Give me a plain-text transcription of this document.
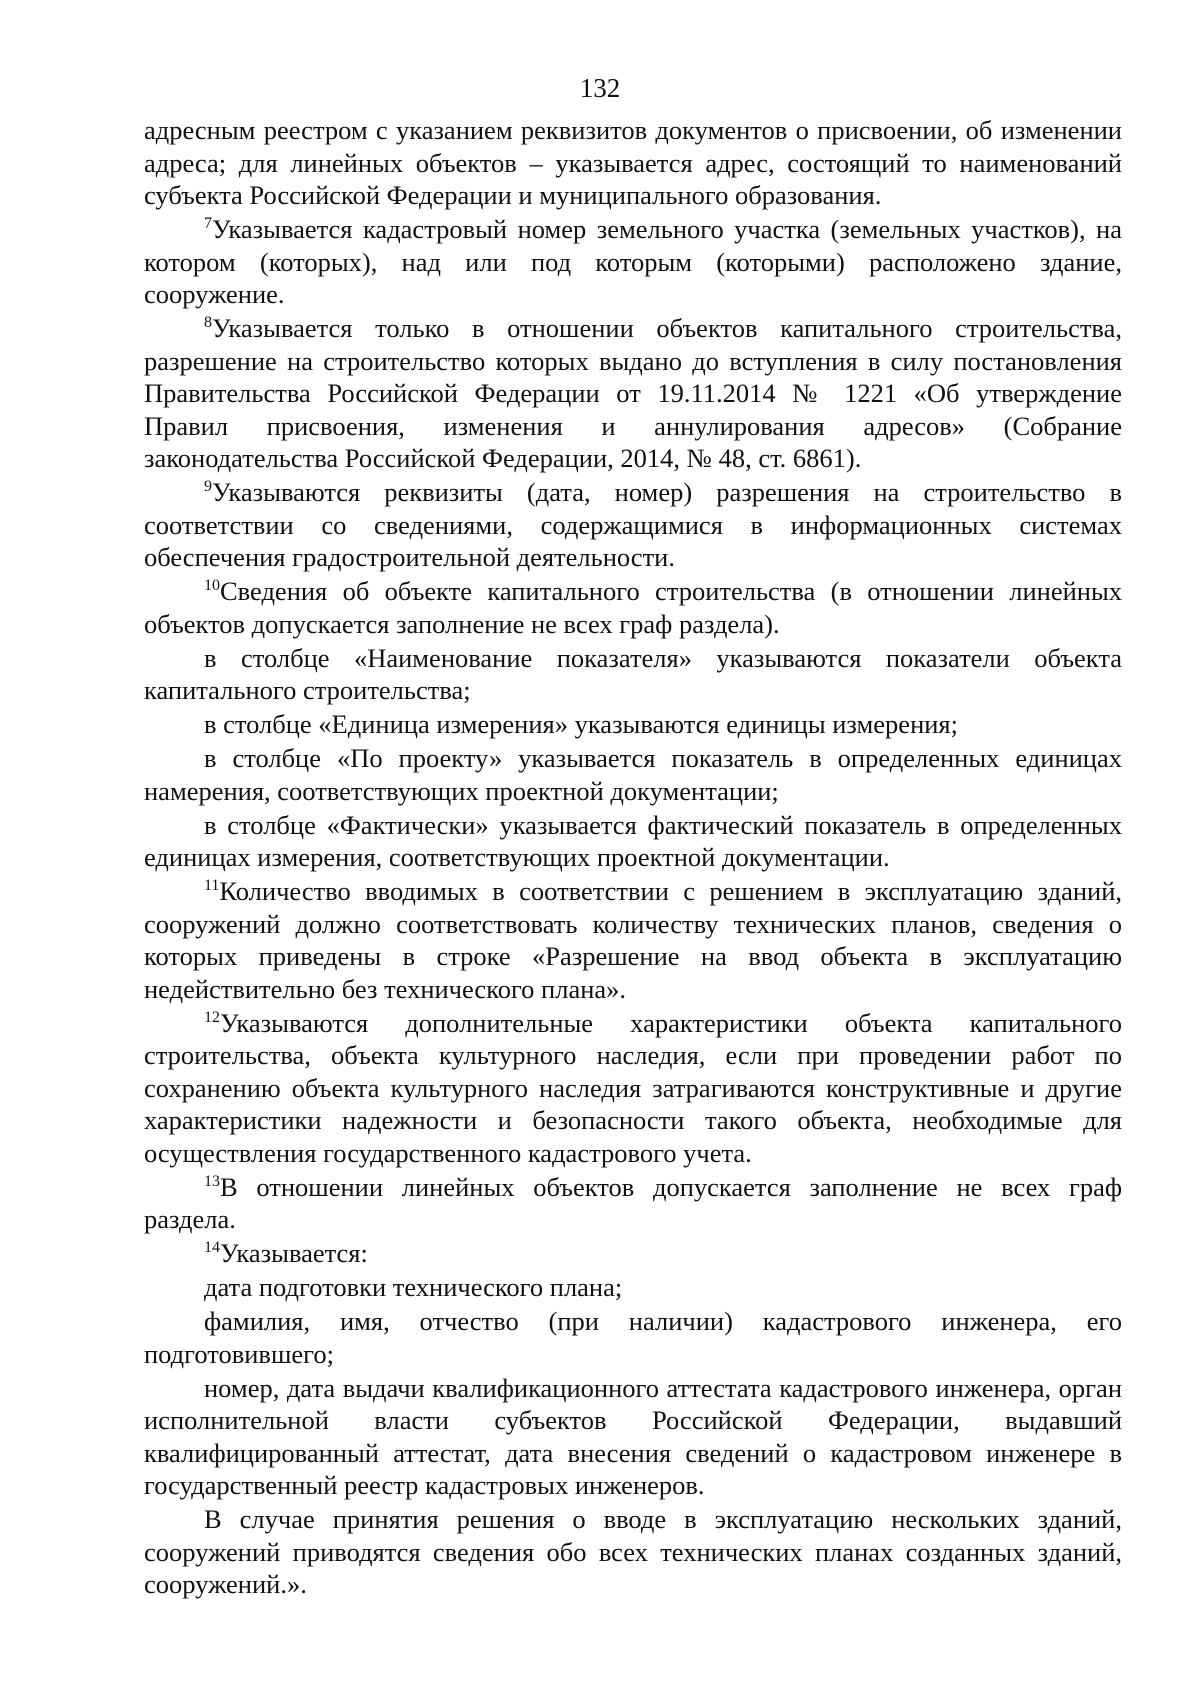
132

адресным реестром с указанием реквизитов документов о присвоении, об изменении адреса; для линейных объектов – указывается адрес, состоящий то наименований субъекта Российской Федерации и муниципального образования.

$^7$Указывается кадастровый номер земельного участка (земельных участков), на котором (которых), над или под которым (которыми) расположено здание, сооружение.

$^8$Указывается только в отношении объектов капитального строительства, разрешение на строительство которых выдано до вступления в силу постановления Правительства Российской Федерации от 19.11.2014 № 1221 «Об утверждение Правил присвоения, изменения и аннулирования адресов» (Собрание законодательства Российской Федерации, 2014, № 48, ст. 6861).

$^9$Указываются реквизиты (дата, номер) разрешения на строительство в соответствии со сведениями, содержащимися в информационных системах обеспечения градостроительной деятельности.

$^{10}$Сведения об объекте капитального строительства (в отношении линейных объектов допускается заполнение не всех граф раздела).

в столбце «Наименование показателя» указываются показатели объекта капитального строительства;

в столбце «Единица измерения» указываются единицы измерения;

в столбце «По проекту» указывается показатель в определенных единицах намерения, соответствующих проектной документации;

в столбце «Фактически» указывается фактический показатель в определенных единицах измерения, соответствующих проектной документации.

$^{11}$Количество вводимых в соответствии с решением в эксплуатацию зданий, сооружений должно соответствовать количеству технических планов, сведения о которых приведены в строке «Разрешение на ввод объекта в эксплуатацию недействительно без технического плана».

$^{12}$Указываются дополнительные характеристики объекта капитального строительства, объекта культурного наследия, если при проведении работ по сохранению объекта культурного наследия затрагиваются конструктивные и другие характеристики надежности и безопасности такого объекта, необходимые для осуществления государственного кадастрового учета.

$^{13}$В отношении линейных объектов допускается заполнение не всех граф раздела.

$^{14}$Указывается:

дата подготовки технического плана;

фамилия, имя, отчество (при наличии) кадастрового инженера, его подготовившего;

номер, дата выдачи квалификационного аттестата кадастрового инженера, орган исполнительной власти субъектов Российской Федерации, выдавший квалифицированный аттестат, дата внесения сведений о кадастровом инженере в государственный реестр кадастровых инженеров.

В случае принятия решения о вводе в эксплуатацию нескольких зданий, сооружений приводятся сведения обо всех технических планах созданных зданий, сооружений.».
